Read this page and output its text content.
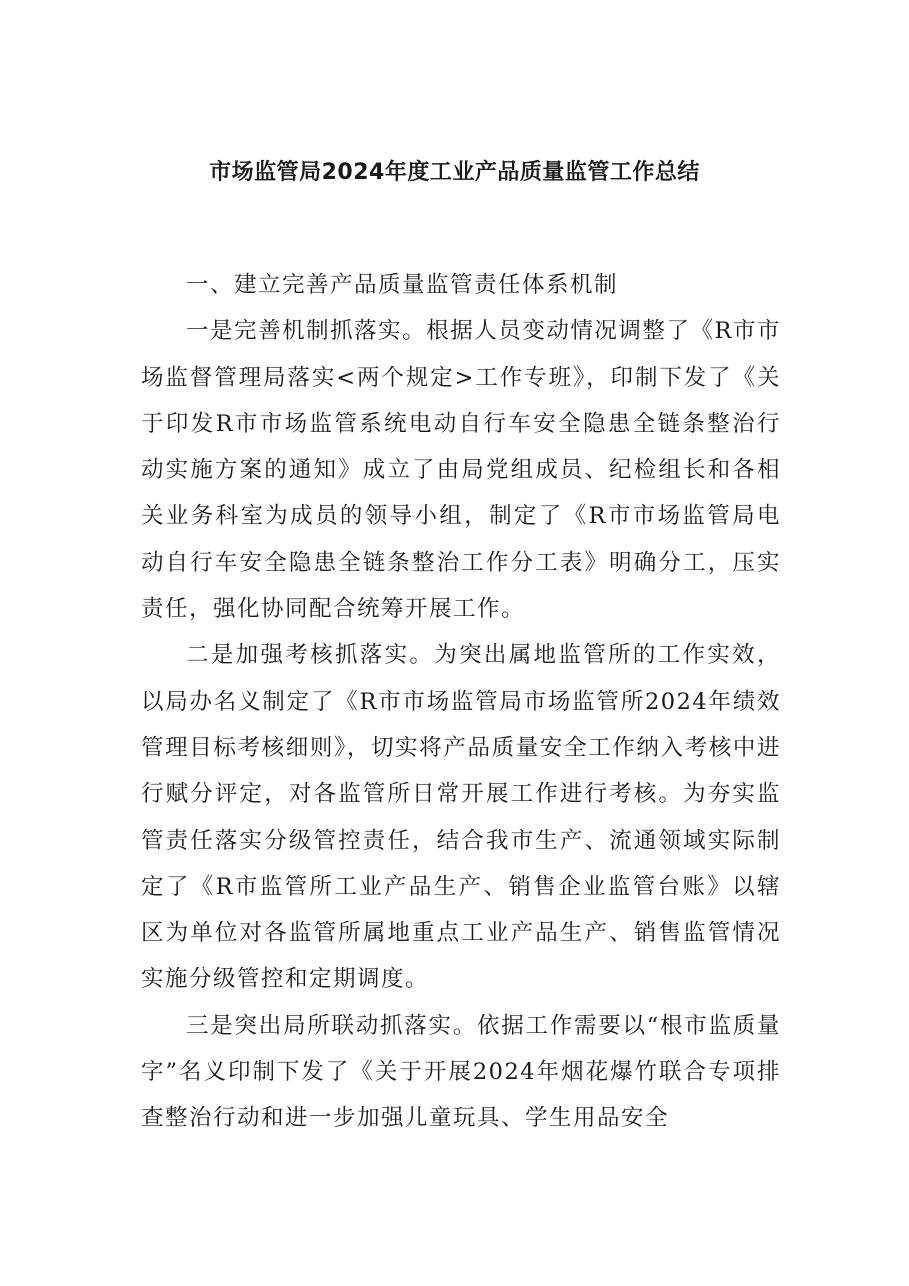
市场监管局2024年度工业产品质量监管工作总结

一、建立完善产品质量监管责任体系机制

一是完善机制抓落实。根据人员变动情况调整了《R市市场监督管理局落实<两个规定>工作专班》，印制下发了《关于印发R市市场监管系统电动自行车安全隐患全链条整治行动实施方案的通知》成立了由局党组成员、纪检组长和各相关业务科室为成员的领导小组，制定了《R市市场监管局电动自行车安全隐患全链条整治工作分工表》明确分工，压实责任，强化协同配合统筹开展工作。

二是加强考核抓落实。为突出属地监管所的工作实效，以局办名义制定了《R市市场监管局市场监管所2024年绩效管理目标考核细则》，切实将产品质量安全工作纳入考核中进行赋分评定，对各监管所日常开展工作进行考核。为夯实监管责任落实分级管控责任，结合我市生产、流通领域实际制定了《R市监管所工业产品生产、销售企业监管台账》以辖区为单位对各监管所属地重点工业产品生产、销售监管情况实施分级管控和定期调度。

三是突出局所联动抓落实。依据工作需要以“根市监质量字”名义印制下发了《关于开展2024年烟花爆竹联合专项排查整治行动和进一步加强儿童玩具、学生用品安全
